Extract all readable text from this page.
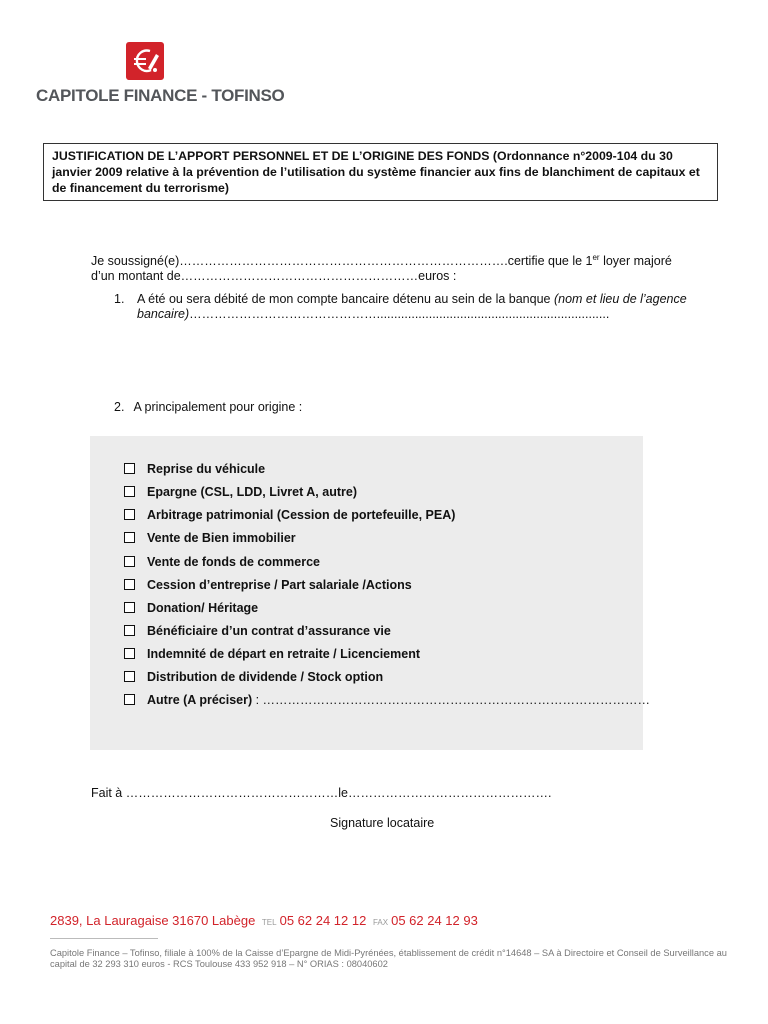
CAPITOLE FINANCE - TOFINSO
JUSTIFICATION DE L’APPORT PERSONNEL ET DE L’ORIGINE DES FONDS (Ordonnance n°2009-104 du 30 janvier 2009 relative à la prévention de l’utilisation du système financier aux fins de blanchiment de capitaux et de financement du terrorisme)
Je soussigné(e)…………………………………………………………………….certifie que le 1er loyer majoré
d’un montant de…………………………………………………euros :
1. A été ou sera débité de mon compte bancaire détenu au sein de la banque (nom et lieu de l’agence bancaire)………………………………………...................................................................
2. A principalement pour origine :
Reprise du véhicule
Epargne (CSL, LDD, Livret A, autre)
Arbitrage patrimonial (Cession de portefeuille, PEA)
Vente de Bien immobilier
Vente de fonds de commerce
Cession d’entreprise / Part salariale /Actions
Donation/ Héritage
Bénéficiaire d’un contrat d’assurance vie
Indemnité de départ en retraite / Licenciement
Distribution de dividende / Stock option
Autre (A préciser) : …………………………………………………………………………………
Fait à ……………………………………………le………………………………………….
Signature locataire
2839, La Lauragaise 31670 Labège TEL 05 62 24 12 12 FAX 05 62 24 12 93
Capitole Finance – Tofinso, filiale à 100% de la Caisse d’Epargne de Midi-Pyrénées, établissement de crédit n°14648 – SA à Directoire et Conseil de Surveillance au capital de 32 293 310 euros - RCS Toulouse 433 952 918 – N° ORIAS : 08040602
